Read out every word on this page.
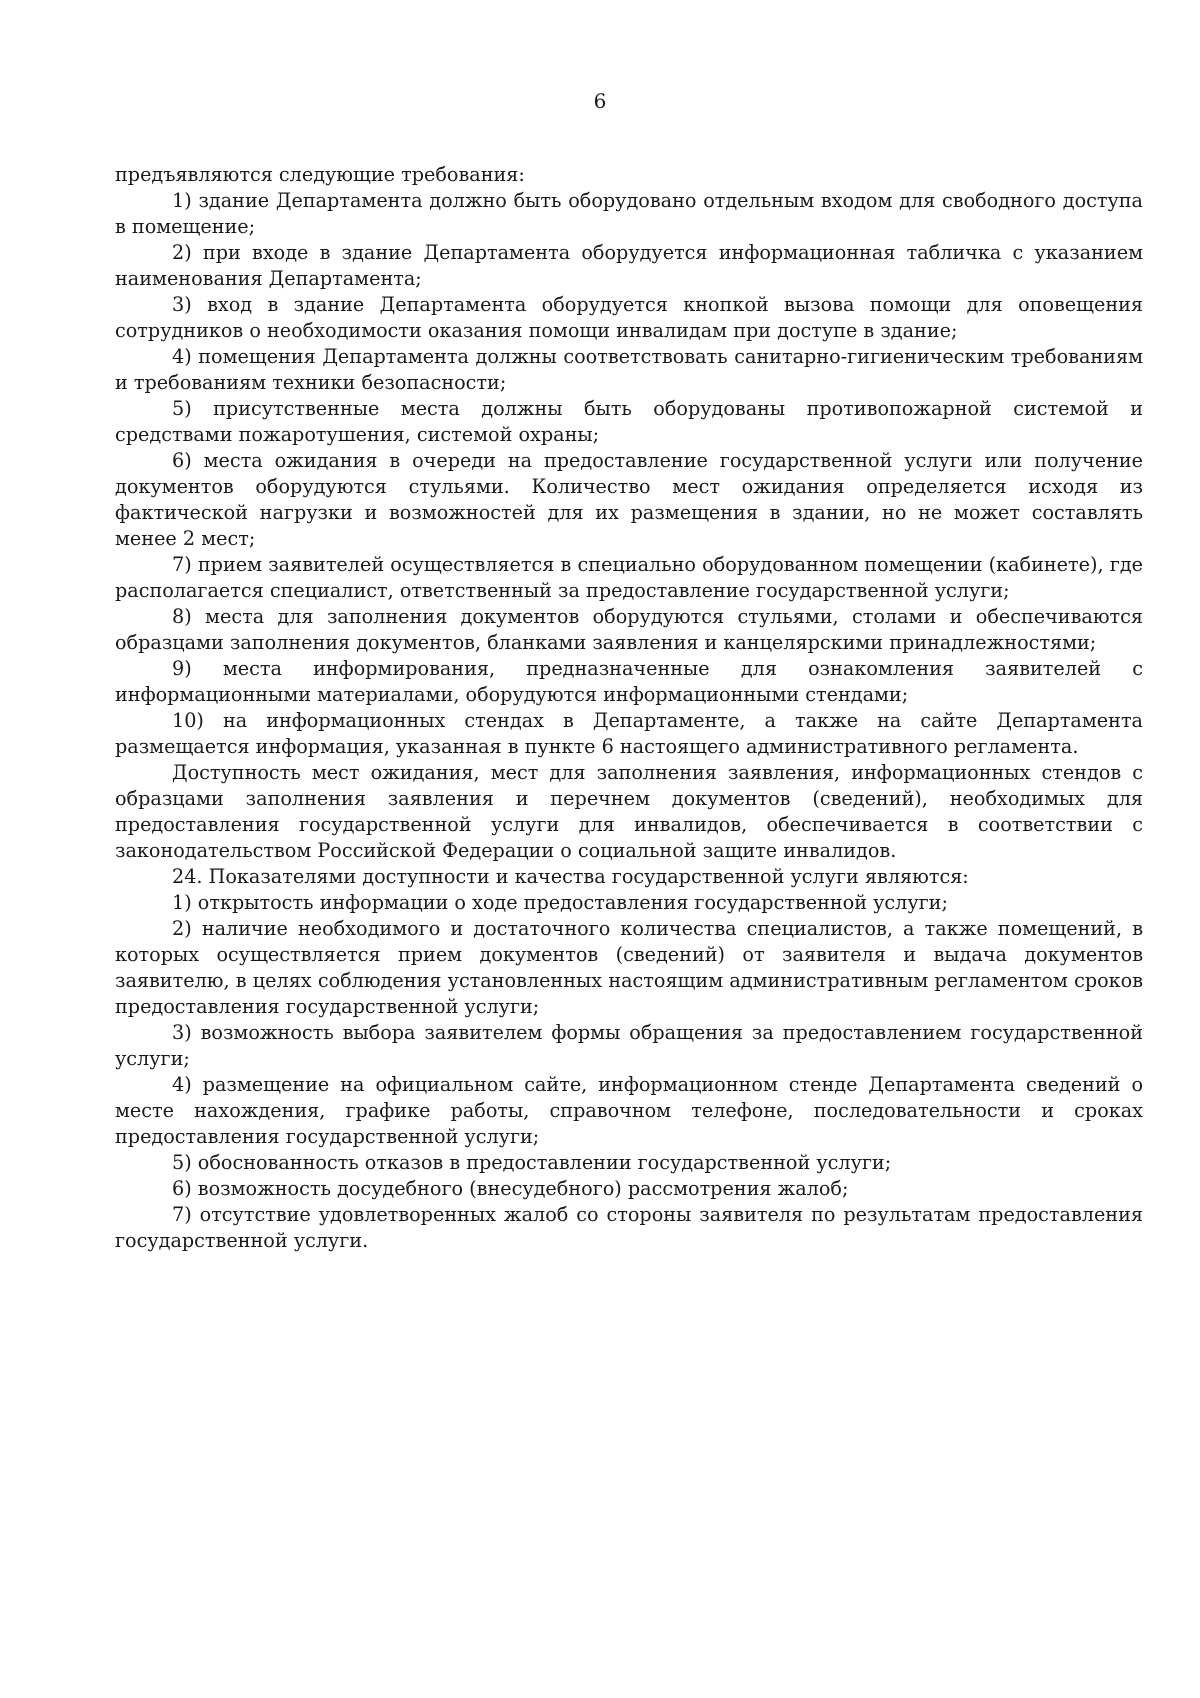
6

предъявляются следующие требования:

1) здание Департамента должно быть оборудовано отдельным входом для свободного доступа в помещение;

2) при входе в здание Департамента оборудуется информационная табличка с указанием наименования Департамента;

3) вход в здание Департамента оборудуется кнопкой вызова помощи для оповещения сотрудников о необходимости оказания помощи инвалидам при доступе в здание;

4) помещения Департамента должны соответствовать санитарно-гигиеническим требованиям и требованиям техники безопасности;

5) присутственные места должны быть оборудованы противопожарной системой и средствами пожаротушения, системой охраны;

6) места ожидания в очереди на предоставление государственной услуги или получение документов оборудуются стульями. Количество мест ожидания определяется исходя из фактической нагрузки и возможностей для их размещения в здании, но не может составлять менее 2 мест;

7) прием заявителей осуществляется в специально оборудованном помещении (кабинете), где располагается специалист, ответственный за предоставление государственной услуги;

8) места для заполнения документов оборудуются стульями, столами и обеспечиваются образцами заполнения документов, бланками заявления и канцелярскими принадлежностями;

9) места информирования, предназначенные для ознакомления заявителей с информационными материалами, оборудуются информационными стендами;

10) на информационных стендах в Департаменте, а также на сайте Департамента размещается информация, указанная в пункте 6 настоящего административного регламента.

Доступность мест ожидания, мест для заполнения заявления, информационных стендов с образцами заполнения заявления и перечнем документов (сведений), необходимых для предоставления государственной услуги для инвалидов, обеспечивается в соответствии с законодательством Российской Федерации о социальной защите инвалидов.

24. Показателями доступности и качества государственной услуги являются:

1) открытость информации о ходе предоставления государственной услуги;

2) наличие необходимого и достаточного количества специалистов, а также помещений, в которых осуществляется прием документов (сведений) от заявителя и выдача документов заявителю, в целях соблюдения установленных настоящим административным регламентом сроков предоставления государственной услуги;

3) возможность выбора заявителем формы обращения за предоставлением государственной услуги;

4) размещение на официальном сайте, информационном стенде Департамента сведений о месте нахождения, графике работы, справочном телефоне, последовательности и сроках предоставления государственной услуги;

5) обоснованность отказов в предоставлении государственной услуги;

6) возможность досудебного (внесудебного) рассмотрения жалоб;

7) отсутствие удовлетворенных жалоб со стороны заявителя по результатам предоставления государственной услуги.
